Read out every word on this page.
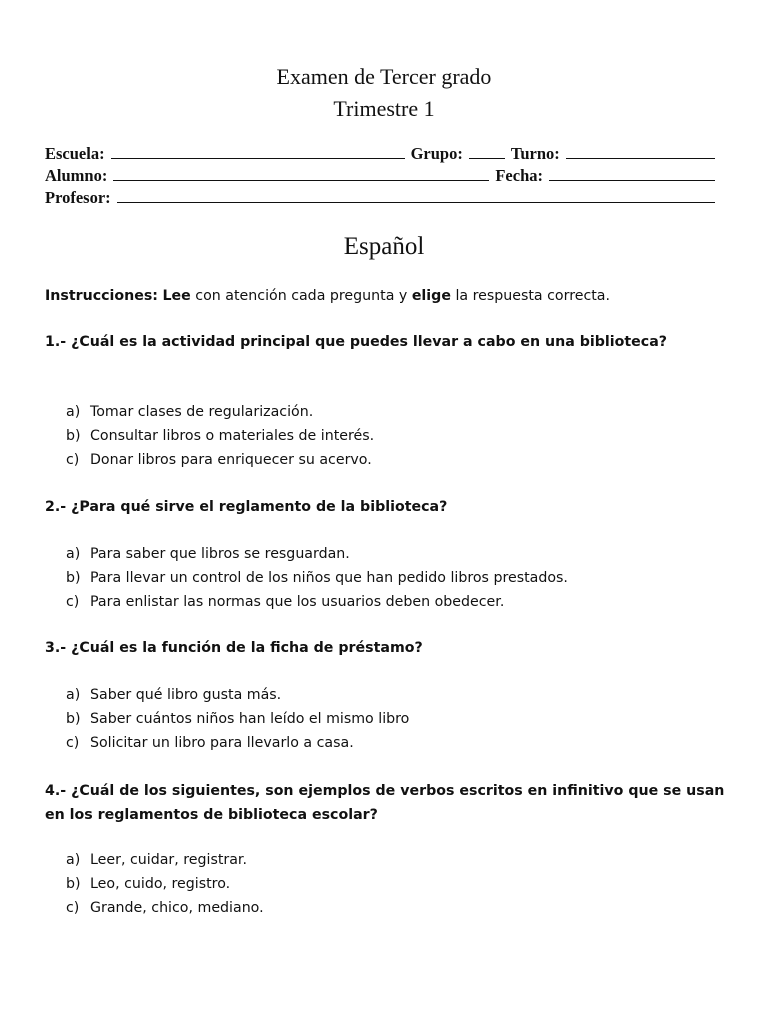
Examen de Tercer grado
Trimestre 1
Escuela:	Grupo:	Turno:
Alumno:	Fecha:
Profesor:
Español
Instrucciones: Lee con atención cada pregunta y elige la respuesta correcta.
1.- ¿Cuál es la actividad principal que puedes llevar a cabo en una biblioteca?
a) Tomar clases de regularización.
b) Consultar libros o materiales de interés.
c) Donar libros para enriquecer su acervo.
2.- ¿Para qué sirve el reglamento de la biblioteca?
a) Para saber que libros se resguardan.
b) Para llevar un control de los niños que han pedido libros prestados.
c) Para enlistar las normas que los usuarios deben obedecer.
3.- ¿Cuál es la función de la ficha de préstamo?
a) Saber qué libro gusta más.
b) Saber cuántos niños han leído el mismo libro
c) Solicitar un libro para llevarlo a casa.
4.- ¿Cuál de los siguientes, son ejemplos de verbos escritos en infinitivo que se usan en los reglamentos de biblioteca escolar?
a) Leer, cuidar, registrar.
b) Leo, cuido, registro.
c) Grande, chico, mediano.
